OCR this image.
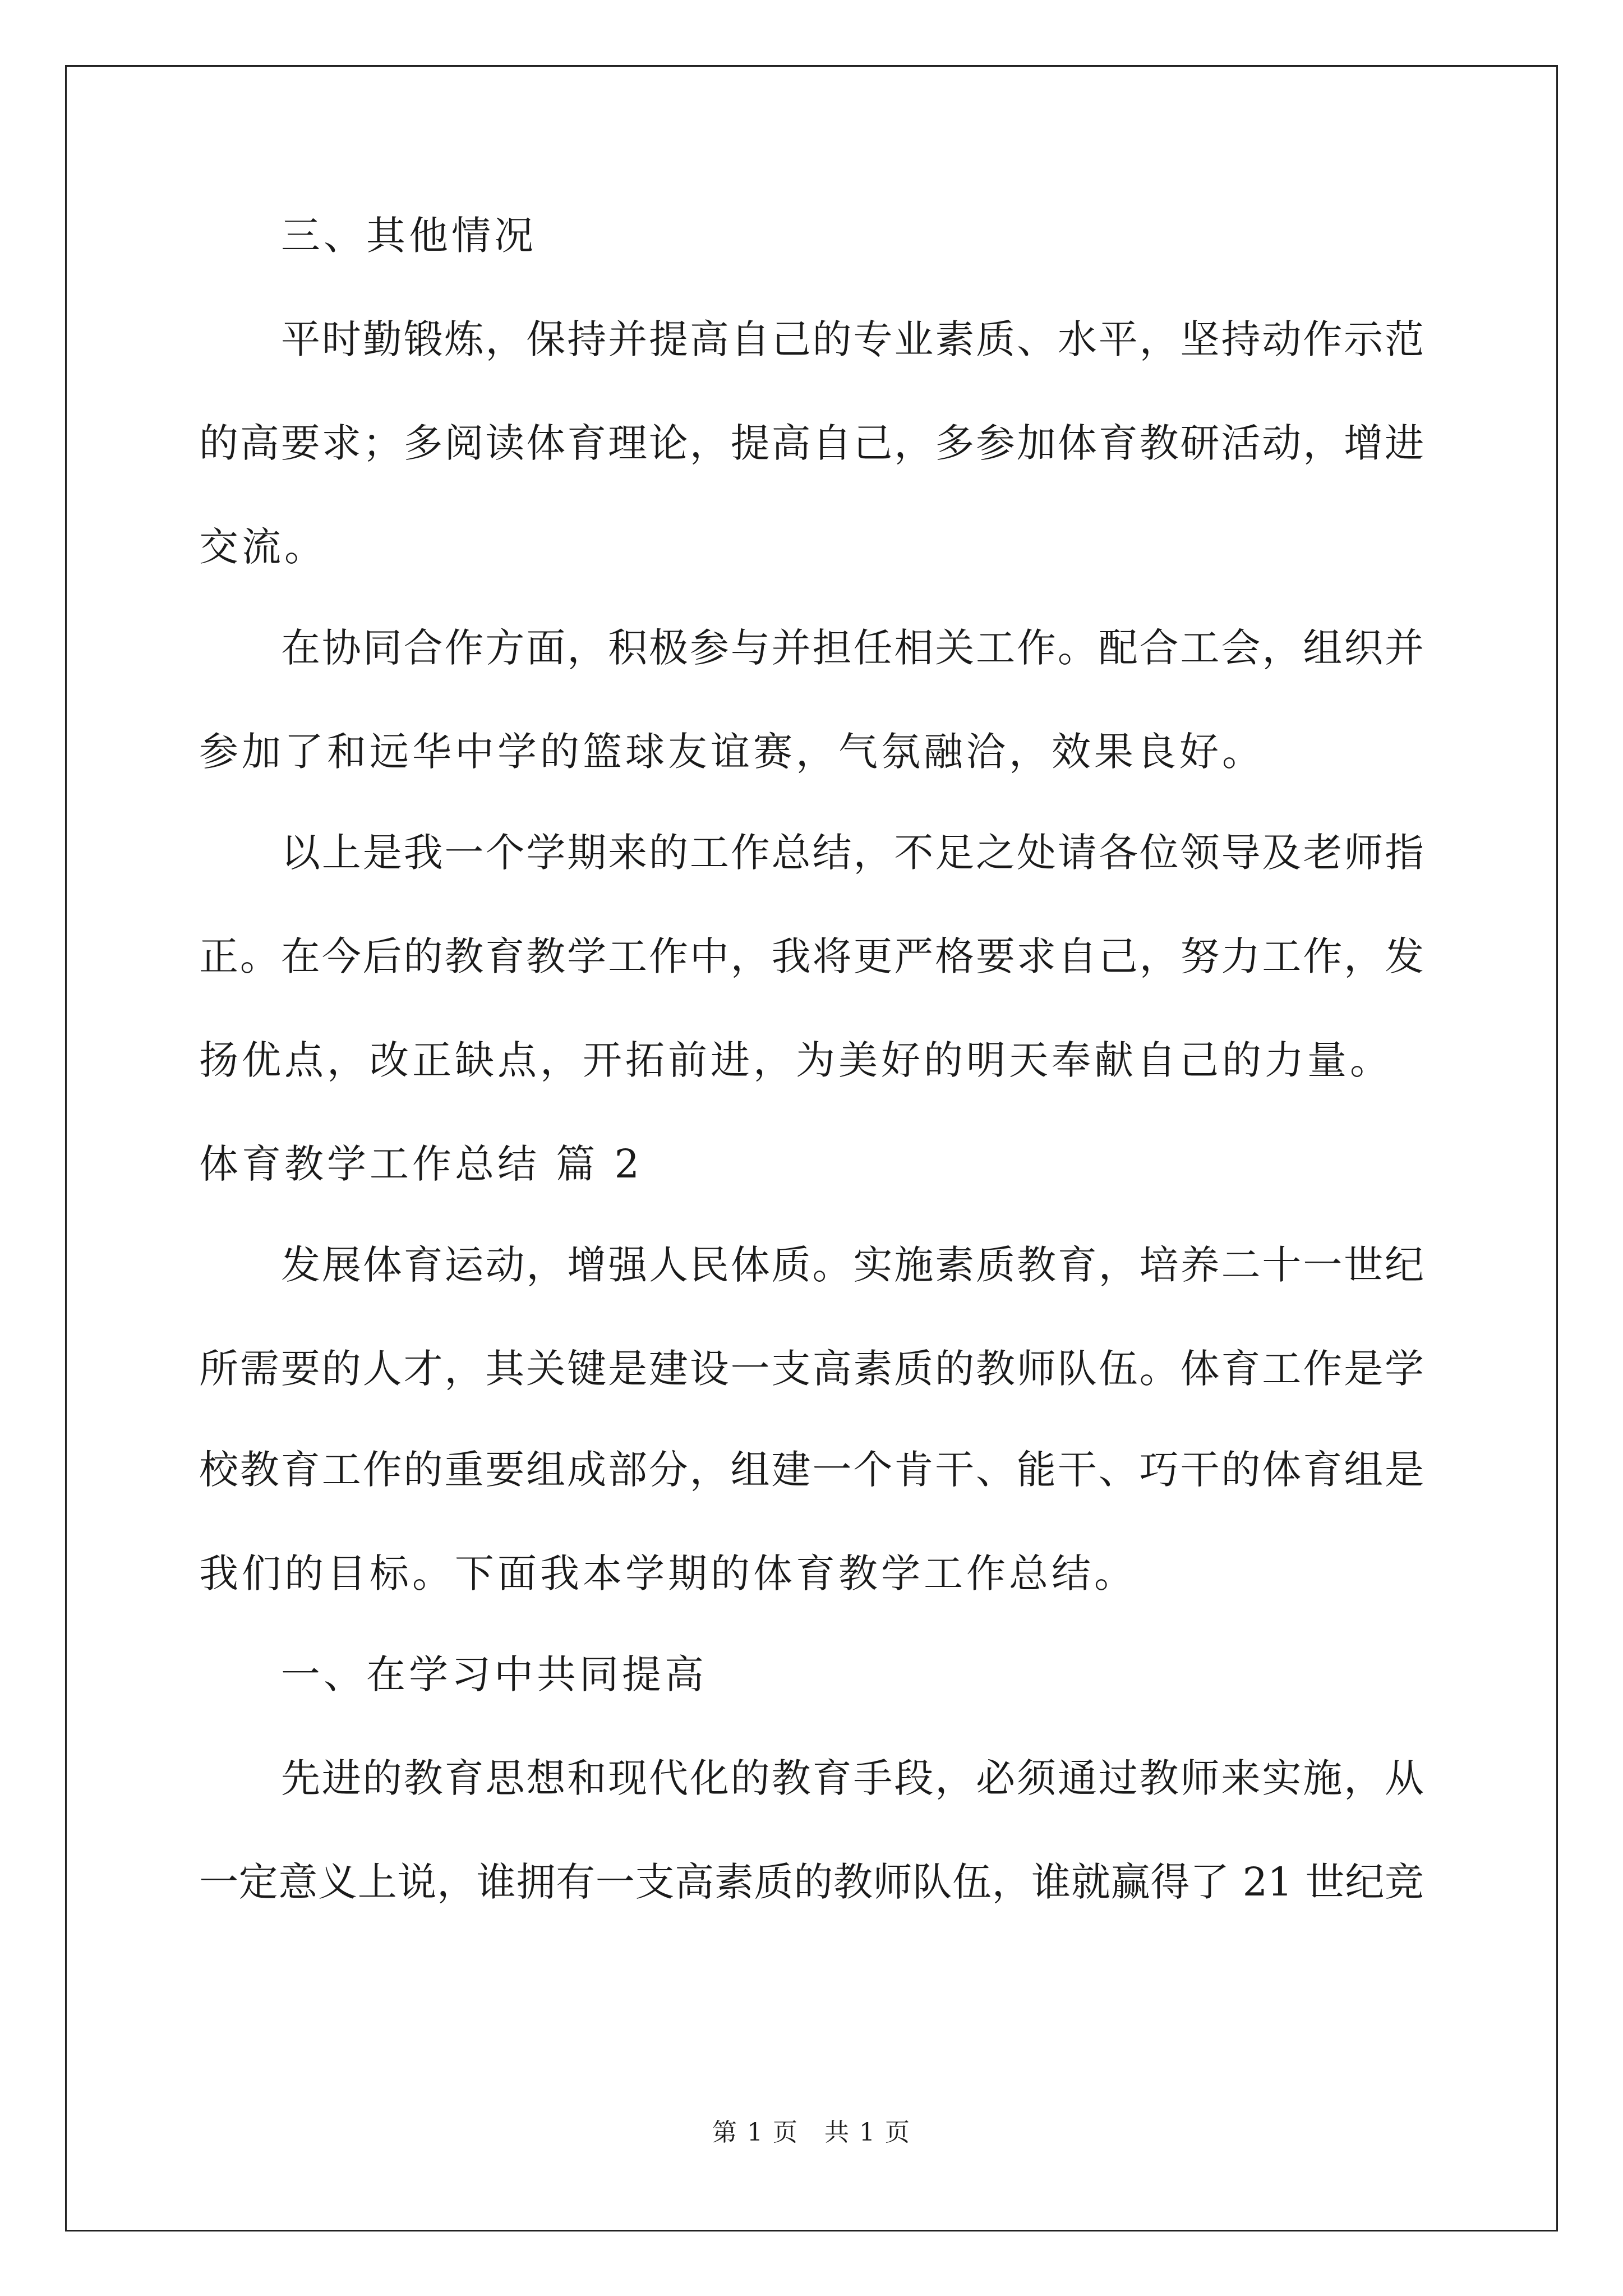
三、其他情况
平时勤锻炼，保持并提高自己的专业素质、水平，坚持动作示范
的高要求；多阅读体育理论，提高自己，多参加体育教研活动，增进
交流。
在协同合作方面，积极参与并担任相关工作。配合工会，组织并
参加了和远华中学的篮球友谊赛，气氛融洽，效果良好。
以上是我一个学期来的工作总结，不足之处请各位领导及老师指
正。在今后的教育教学工作中，我将更严格要求自己，努力工作，发
扬优点，改正缺点，开拓前进，为美好的明天奉献自己的力量。
体育教学工作总结 篇 2
发展体育运动，增强人民体质。实施素质教育，培养二十一世纪
所需要的人才，其关键是建设一支高素质的教师队伍。体育工作是学
校教育工作的重要组成部分，组建一个肯干、能干、巧干的体育组是
我们的目标。下面我本学期的体育教学工作总结。
一、在学习中共同提高
先进的教育思想和现代化的教育手段，必须通过教师来实施，从
一定意义上说，谁拥有一支高素质的教师队伍，谁就赢得了 21 世纪竞
第 1 页　共 1 页
